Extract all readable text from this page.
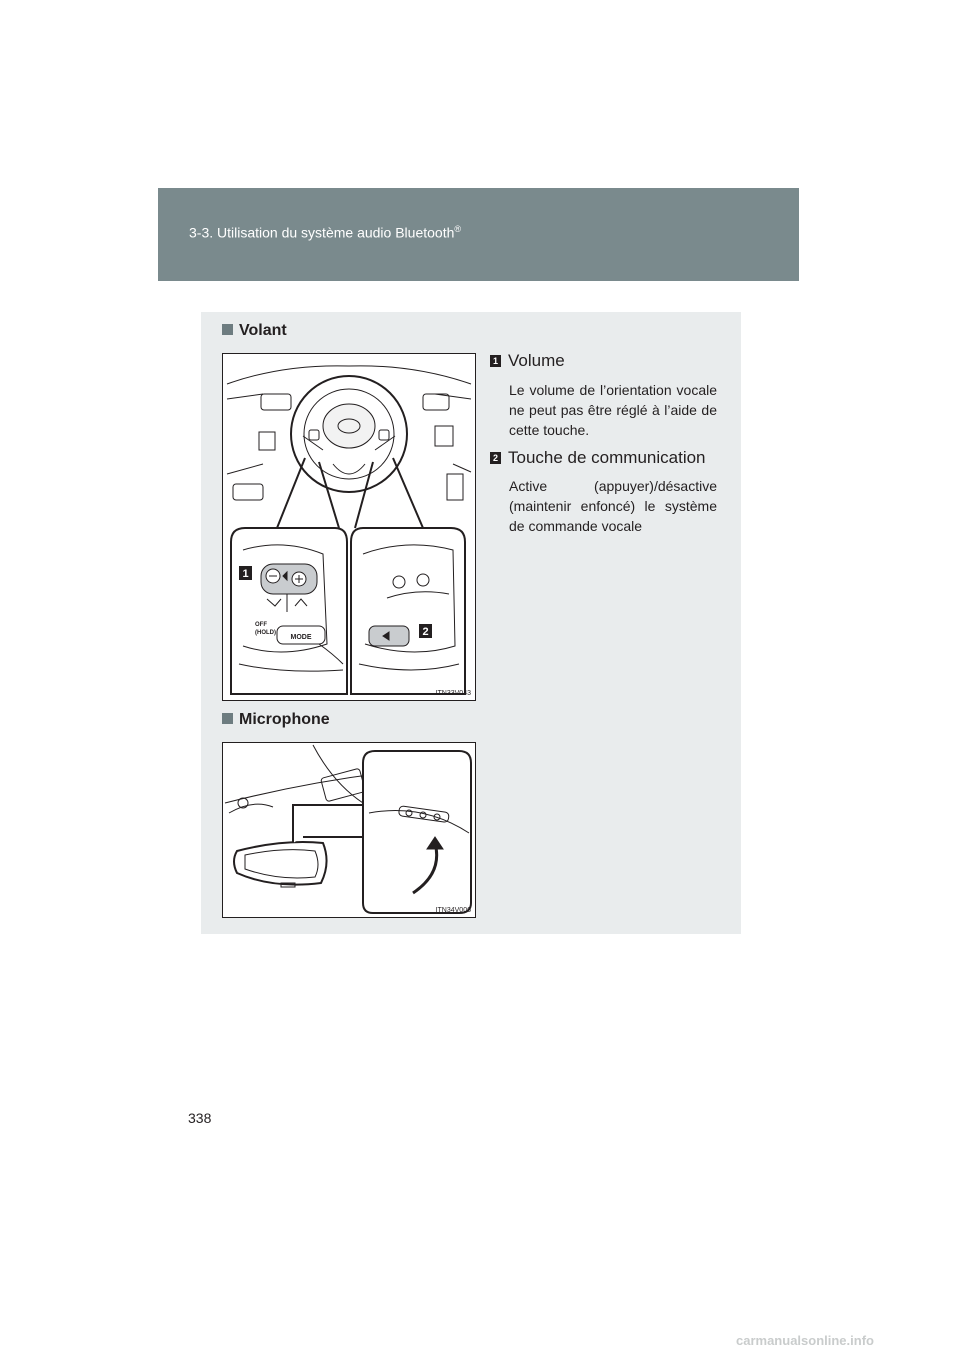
3-3. Utilisation du système audio Bluetooth®
Volant
1
2
OFF
(HOLD)
MODE
ITN33V043
1 Volume
Le volume de l’orientation vocale ne peut pas être réglé à l’aide de cette touche.
2 Touche de communication
Active (appuyer)/désactive (maintenir enfoncé) le système de commande vocale
Microphone
ITN34V006
338
carmanualsonline.info
